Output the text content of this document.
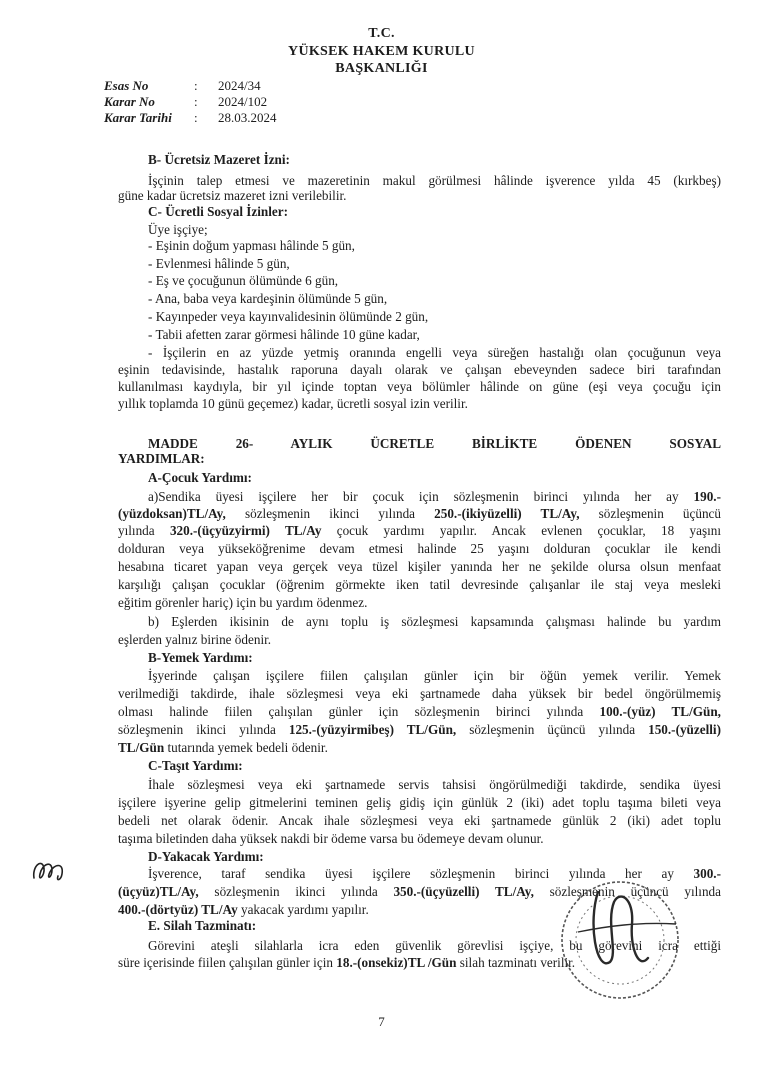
T.C.
YÜKSEK HAKEM KURULU
BAŞKANLIĞI
Esas No	: 2024/34
Karar No	: 2024/102
Karar Tarihi : 28.03.2024
B- Ücretsiz Mazeret İzni:
İşçinin talep etmesi ve mazeretinin makul görülmesi hâlinde işverence yılda 45 (kırkbeş)
güne kadar ücretsiz mazeret izni verilebilir.
C- Ücretli Sosyal İzinler:
Üye işçiye;
- Eşinin doğum yapması hâlinde 5 gün,
- Evlenmesi hâlinde 5 gün,
- Eş ve çocuğunun ölümünde 6 gün,
- Ana, baba veya kardeşinin ölümünde 5 gün,
- Kayınpeder veya kayınvalidesinin ölümünde 2 gün,
- Tabii afetten zarar görmesi hâlinde 10 güne kadar,
- İşçilerin en az yüzde yetmiş oranında engelli veya süreğen hastalığı olan çocuğunun veya
eşinin tedavisinde, hastalık raporuna dayalı olarak ve çalışan ebeveynden sadece biri tarafından
kullanılması kaydıyla, bir yıl içinde toptan veya bölümler hâlinde on güne (eşi veya çocuğu için
yıllık toplamda 10 günü geçemez) kadar, ücretli sosyal izin verilir.
MADDE 26- AYLIK ÜCRETLE BİRLİKTE ÖDENEN SOSYAL
YARDIMLAR:
A-Çocuk Yardımı:
a)Sendika üyesi işçilere her bir çocuk için sözleşmenin birinci yılında her ay 190.-
(yüzdoksan)TL/Ay, sözleşmenin ikinci yılında 250.-(ikiyüzelli) TL/Ay, sözleşmenin üçüncü
yılında 320.-(üçyüzyirmi) TL/Ay çocuk yardımı yapılır. Ancak evlenen çocuklar, 18 yaşını
dolduran veya yükseköğrenime devam etmesi halinde 25 yaşını dolduran çocuklar ile kendi
hesabına ticaret yapan veya gerçek veya tüzel kişiler yanında her ne şekilde olursa olsun menfaat
karşılığı çalışan çocuklar (öğrenim görmekte iken tatil devresinde çalışanlar ile staj veya mesleki
eğitim görenler hariç) için bu yardım ödenmez.
b) Eşlerden ikisinin de aynı toplu iş sözleşmesi kapsamında çalışması halinde bu yardım
eşlerden yalnız birine ödenir.
B-Yemek Yardımı:
İşyerinde çalışan işçilere fiilen çalışılan günler için bir öğün yemek verilir. Yemek
verilmediği takdirde, ihale sözleşmesi veya eki şartnamede daha yüksek bir bedel öngörülmemiş
olması halinde fiilen çalışılan günler için sözleşmenin birinci yılında 100.-(yüz) TL/Gün,
sözleşmenin ikinci yılında 125.-(yüzyirmibeş) TL/Gün, sözleşmenin üçüncü yılında 150.-(yüzelli)
TL/Gün tutarında yemek bedeli ödenir.
C-Taşıt Yardımı:
İhale sözleşmesi veya eki şartnamede servis tahsisi öngörülmediği takdirde, sendika üyesi
işçilere işyerine gelip gitmelerini teminen geliş gidiş için günlük 2 (iki) adet toplu taşıma bileti veya
bedeli net olarak ödenir. Ancak ihale sözleşmesi veya eki şartnamede günlük 2 (iki) adet toplu
taşıma biletinden daha yüksek nakdi bir ödeme varsa bu ödemeye devam olunur.
D-Yakacak Yardımı:
İşverence, taraf sendika üyesi işçilere sözleşmenin birinci yılında her ay 300.-
(üçyüz)TL/Ay, sözleşmenin ikinci yılında 350.-(üçyüzelli) TL/Ay, sözleşmenin üçüncü yılında
400.-(dörtyüz) TL/Ay yakacak yardımı yapılır.
E. Silah Tazminatı:
Görevini ateşli silahlarla icra eden güvenlik görevlisi işçiye, bu görevini icra ettiği
süre içerisinde fiilen çalışılan günler için 18.-(onsekiz)TL /Gün silah tazminatı verilir.
7
